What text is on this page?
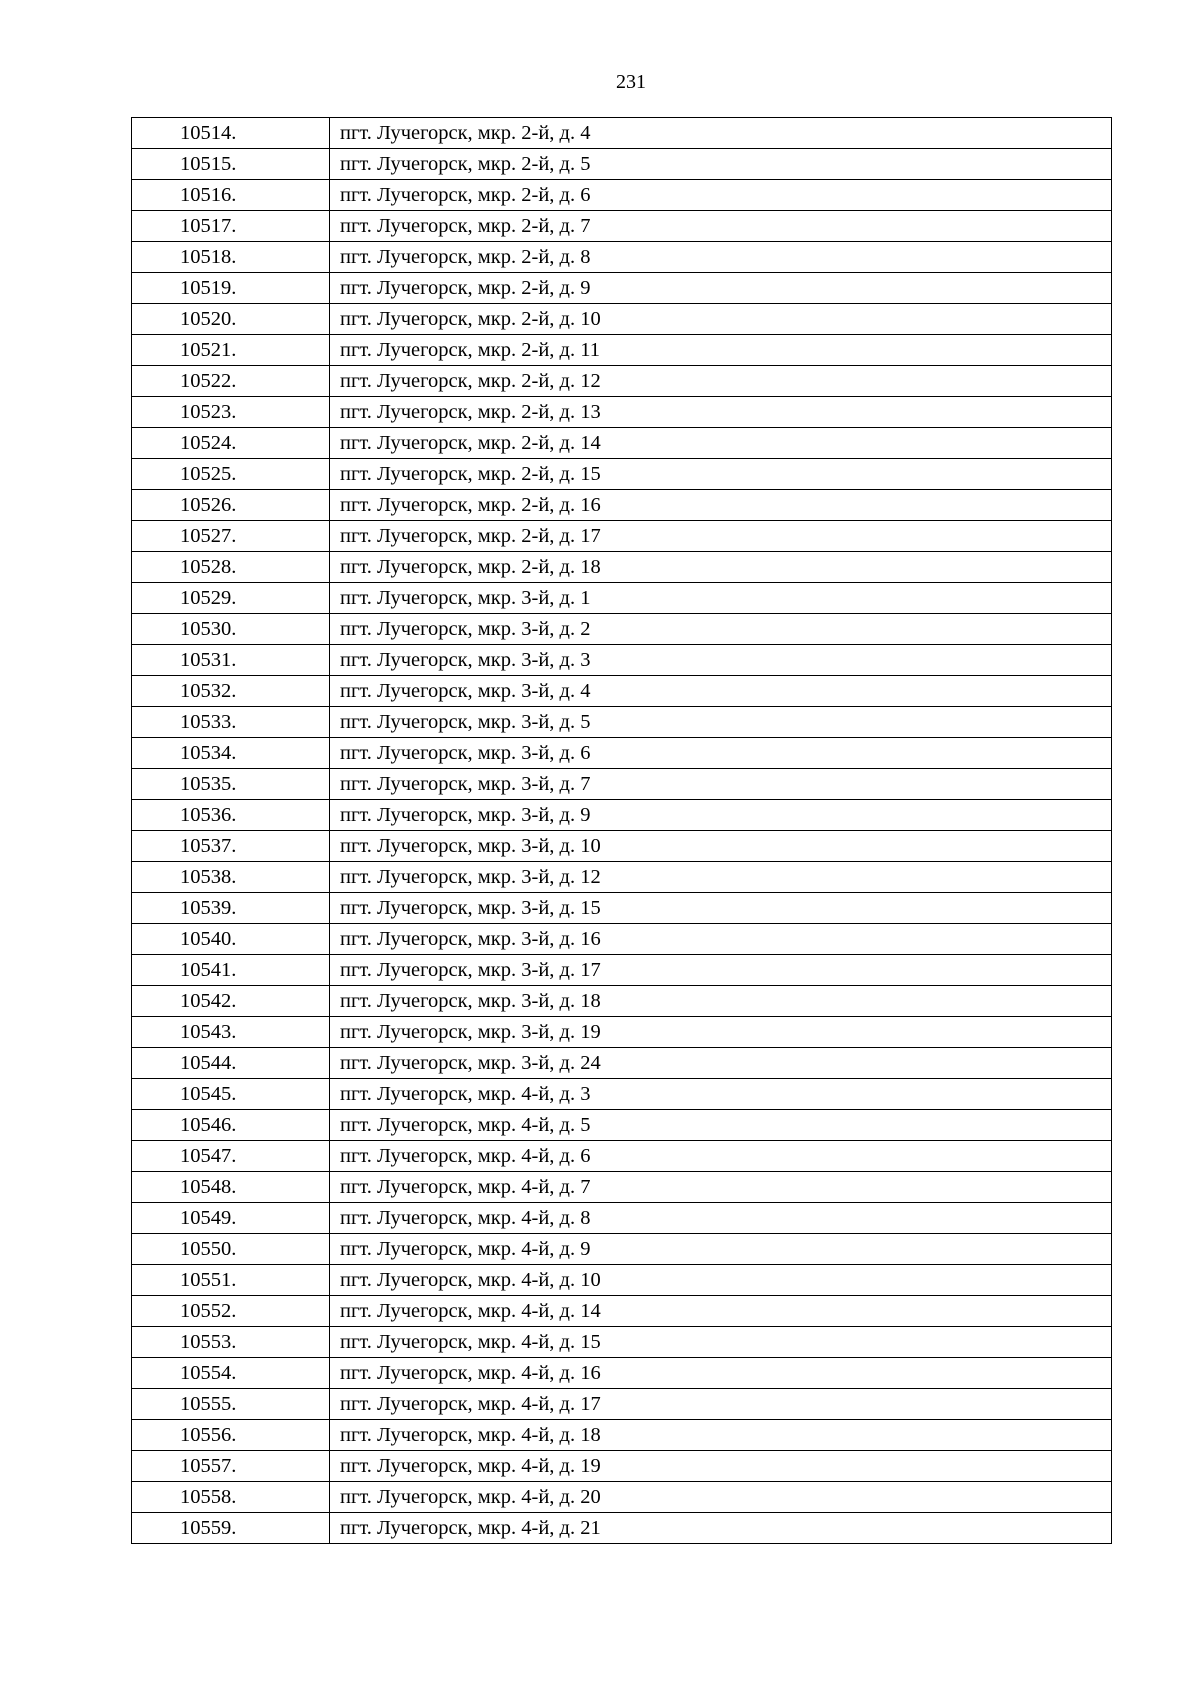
231
10514.	пгт. Лучегорск, мкр. 2-й, д. 4
10515.	пгт. Лучегорск, мкр. 2-й, д. 5
10516.	пгт. Лучегорск, мкр. 2-й, д. 6
10517.	пгт. Лучегорск, мкр. 2-й, д. 7
10518.	пгт. Лучегорск, мкр. 2-й, д. 8
10519.	пгт. Лучегорск, мкр. 2-й, д. 9
10520.	пгт. Лучегорск, мкр. 2-й, д. 10
10521.	пгт. Лучегорск, мкр. 2-й, д. 11
10522.	пгт. Лучегорск, мкр. 2-й, д. 12
10523.	пгт. Лучегорск, мкр. 2-й, д. 13
10524.	пгт. Лучегорск, мкр. 2-й, д. 14
10525.	пгт. Лучегорск, мкр. 2-й, д. 15
10526.	пгт. Лучегорск, мкр. 2-й, д. 16
10527.	пгт. Лучегорск, мкр. 2-й, д. 17
10528.	пгт. Лучегорск, мкр. 2-й, д. 18
10529.	пгт. Лучегорск, мкр. 3-й, д. 1
10530.	пгт. Лучегорск, мкр. 3-й, д. 2
10531.	пгт. Лучегорск, мкр. 3-й, д. 3
10532.	пгт. Лучегорск, мкр. 3-й, д. 4
10533.	пгт. Лучегорск, мкр. 3-й, д. 5
10534.	пгт. Лучегорск, мкр. 3-й, д. 6
10535.	пгт. Лучегорск, мкр. 3-й, д. 7
10536.	пгт. Лучегорск, мкр. 3-й, д. 9
10537.	пгт. Лучегорск, мкр. 3-й, д. 10
10538.	пгт. Лучегорск, мкр. 3-й, д. 12
10539.	пгт. Лучегорск, мкр. 3-й, д. 15
10540.	пгт. Лучегорск, мкр. 3-й, д. 16
10541.	пгт. Лучегорск, мкр. 3-й, д. 17
10542.	пгт. Лучегорск, мкр. 3-й, д. 18
10543.	пгт. Лучегорск, мкр. 3-й, д. 19
10544.	пгт. Лучегорск, мкр. 3-й, д. 24
10545.	пгт. Лучегорск, мкр. 4-й, д. 3
10546.	пгт. Лучегорск, мкр. 4-й, д. 5
10547.	пгт. Лучегорск, мкр. 4-й, д. 6
10548.	пгт. Лучегорск, мкр. 4-й, д. 7
10549.	пгт. Лучегорск, мкр. 4-й, д. 8
10550.	пгт. Лучегорск, мкр. 4-й, д. 9
10551.	пгт. Лучегорск, мкр. 4-й, д. 10
10552.	пгт. Лучегорск, мкр. 4-й, д. 14
10553.	пгт. Лучегорск, мкр. 4-й, д. 15
10554.	пгт. Лучегорск, мкр. 4-й, д. 16
10555.	пгт. Лучегорск, мкр. 4-й, д. 17
10556.	пгт. Лучегорск, мкр. 4-й, д. 18
10557.	пгт. Лучегорск, мкр. 4-й, д. 19
10558.	пгт. Лучегорск, мкр. 4-й, д. 20
10559.	пгт. Лучегорск, мкр. 4-й, д. 21
